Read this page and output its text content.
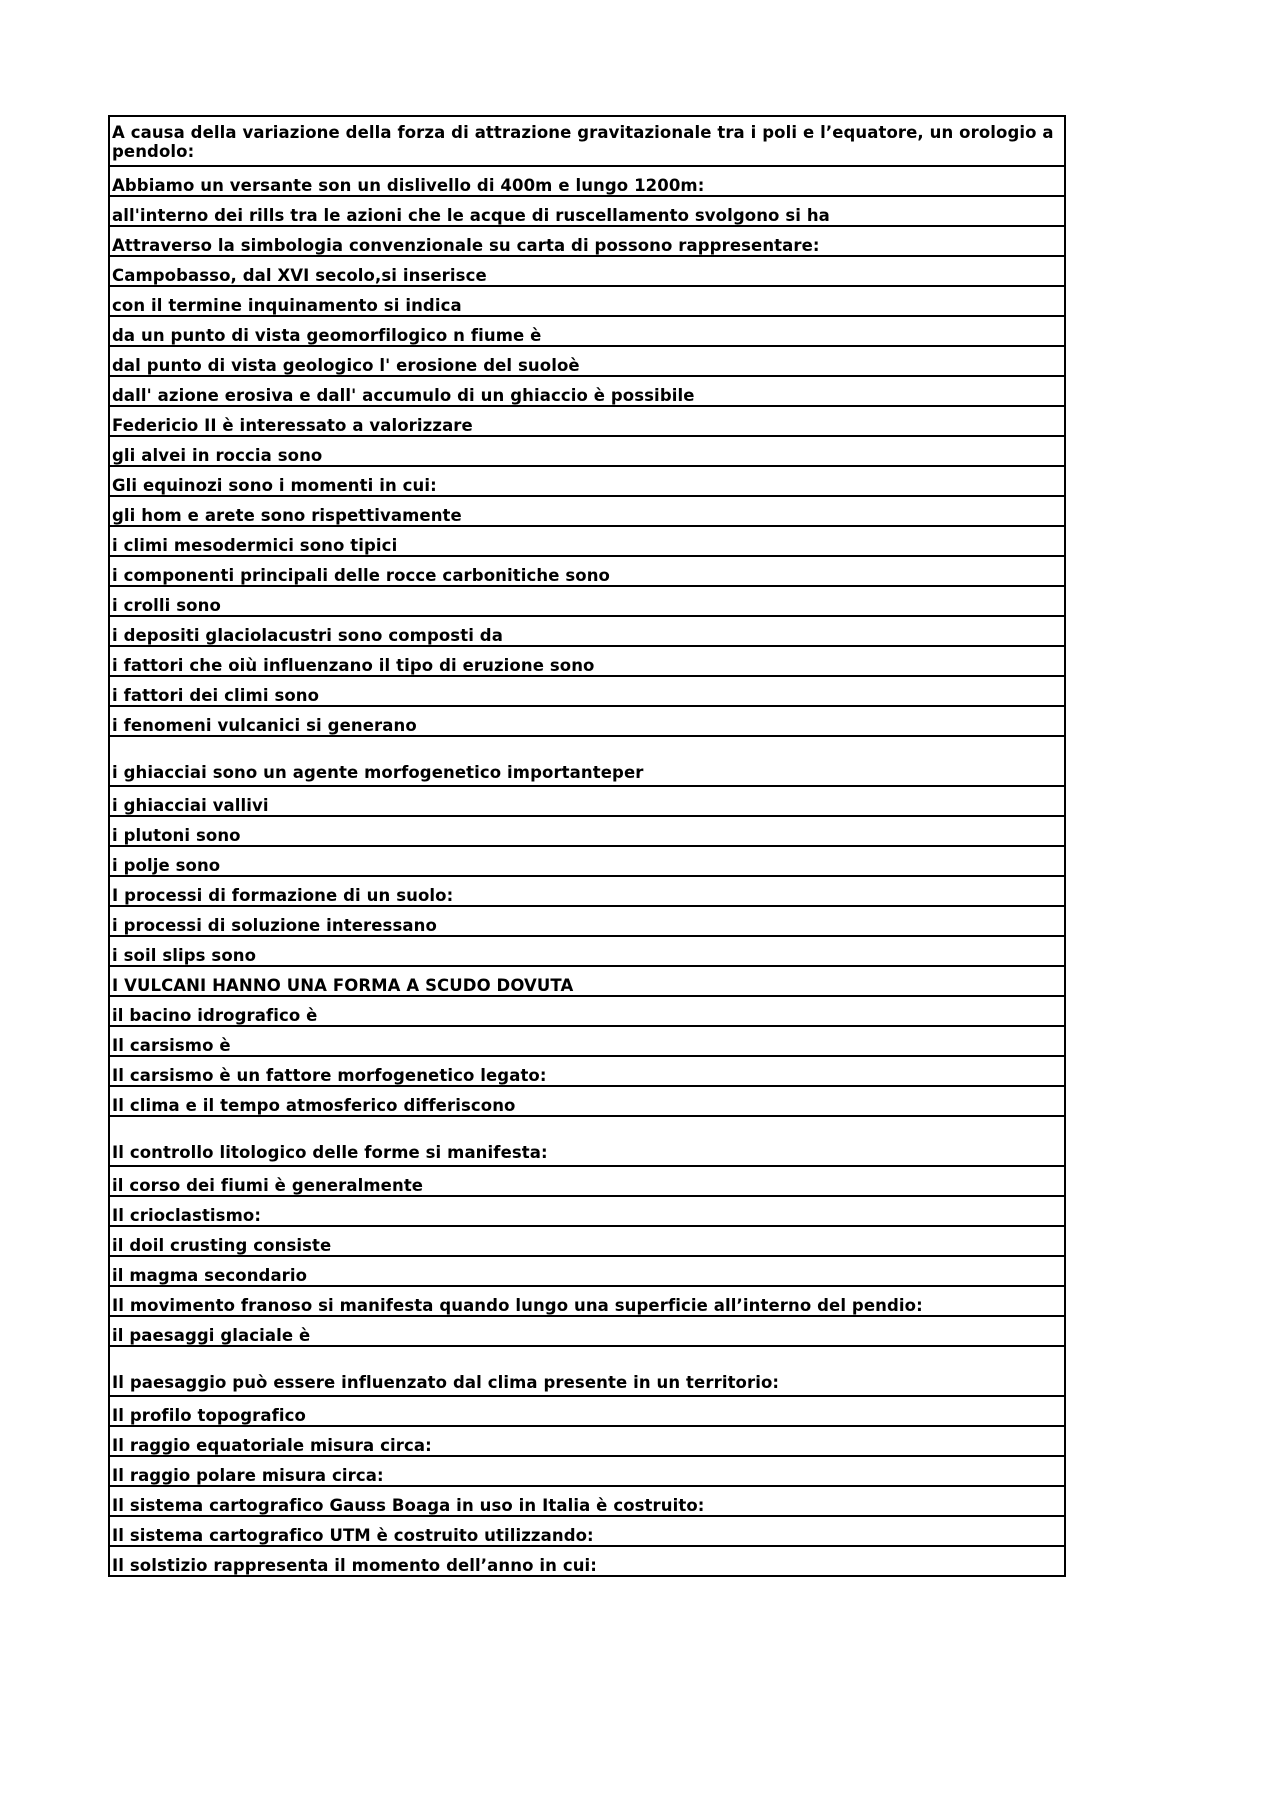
A causa della variazione della forza di attrazione gravitazionale tra i poli e l’equatore, un orologio a pendolo:
Abbiamo un versante son un dislivello di 400m e lungo 1200m:
all'interno dei rills tra le azioni che le acque di ruscellamento svolgono si ha
Attraverso la simbologia convenzionale su carta di possono rappresentare:
Campobasso, dal XVI secolo,si inserisce
con il termine inquinamento si indica
da un punto di vista geomorfilogico n fiume è
dal punto di vista geologico l' erosione del suoloè
dall' azione erosiva e dall' accumulo di un ghiaccio è possibile
Federicio II è interessato a valorizzare
gli alvei in roccia sono
Gli equinozi sono i momenti in cui:
gli hom e arete sono rispettivamente
i climi mesodermici sono tipici
i componenti principali delle rocce carbonitiche sono
i crolli sono
i depositi glaciolacustri sono composti da
i fattori che oiù influenzano il tipo di eruzione sono
i fattori dei climi sono
i fenomeni vulcanici si generano
i ghiacciai sono un agente morfogenetico importanteper
i ghiacciai vallivi
i plutoni sono
i polje sono
I processi di formazione di un suolo:
i processi di soluzione interessano
i soil slips sono
I VULCANI HANNO UNA FORMA A SCUDO DOVUTA
il bacino idrografico è
Il carsismo è
Il carsismo è un fattore morfogenetico legato:
Il clima e il tempo atmosferico differiscono
Il controllo litologico delle forme si manifesta:
il corso dei fiumi è generalmente
Il crioclastismo:
il doil crusting consiste
il magma secondario
Il movimento franoso si manifesta quando lungo una superficie all’interno del pendio:
il paesaggi glaciale è
Il paesaggio può essere influenzato dal clima presente in un territorio:
Il profilo topografico
Il raggio equatoriale misura circa:
Il raggio polare misura circa:
Il sistema cartografico Gauss Boaga in uso in Italia è costruito:
Il sistema cartografico UTM è costruito utilizzando:
Il solstizio rappresenta il momento dell’anno in cui:
